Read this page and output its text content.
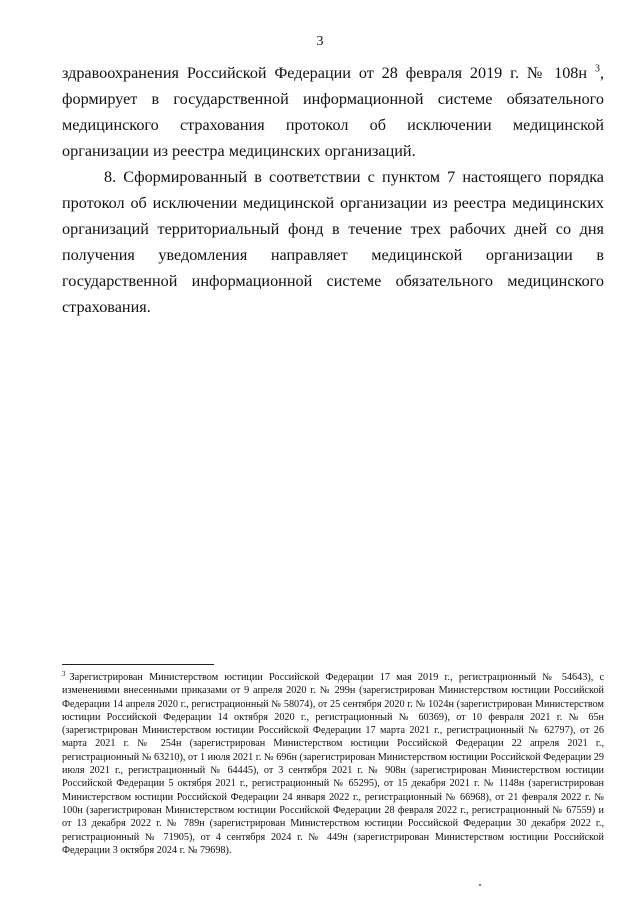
3

здравоохранения Российской Федерации от 28 февраля 2019 г. № 108н $^3$, формирует в государственной информационной системе обязательного медицинского страхования протокол об исключении медицинской организации из реестра медицинских организаций.

8. Сформированный в соответствии с пунктом 7 настоящего порядка протокол об исключении медицинской организации из реестра медицинских организаций территориальный фонд в течение трех рабочих дней со дня получения уведомления направляет медицинской организации в государственной информационной системе обязательного медицинского страхования.

$^3$ Зарегистрирован Министерством юстиции Российской Федерации 17 мая 2019 г., регистрационный № 54643), с изменениями внесенными приказами от 9 апреля 2020 г. № 299н (зарегистрирован Министерством юстиции Российской Федерации 14 апреля 2020 г., регистрационный № 58074), от 25 сентября 2020 г. № 1024н (зарегистрирован Министерством юстиции Российской Федерации 14 октября 2020 г., регистрационный № 60369), от 10 февраля 2021 г. № 65н (зарегистрирован Министерством юстиции Российской Федерации 17 марта 2021 г., регистрационный № 62797), от 26 марта 2021 г. № 254н (зарегистрирован Министерством юстиции Российской Федерации 22 апреля 2021 г., регистрационный № 63210), от 1 июля 2021 г. № 696н (зарегистрирован Министерством юстиции Российской Федерации 29 июля 2021 г., регистрационный № 64445), от 3 сентября 2021 г. № 908н (зарегистрирован Министерством юстиции Российской Федерации 5 октября 2021 г., регистрационный № 65295), от 15 декабря 2021 г. № 1148н (зарегистрирован Министерством юстиции Российской Федерации 24 января 2022 г., регистрационный № 66968), от 21 февраля 2022 г. № 100н (зарегистрирован Министерством юстиции Российской Федерации 28 февраля 2022 г., регистрационный № 67559) и от 13 декабря 2022 г. № 789н (зарегистрирован Министерством юстиции Российской Федерации 30 декабря 2022 г., регистрационный № 71905), от 4 сентября 2024 г. № 449н (зарегистрирован Министерством юстиции Российской Федерации 3 октября 2024 г. № 79698).
